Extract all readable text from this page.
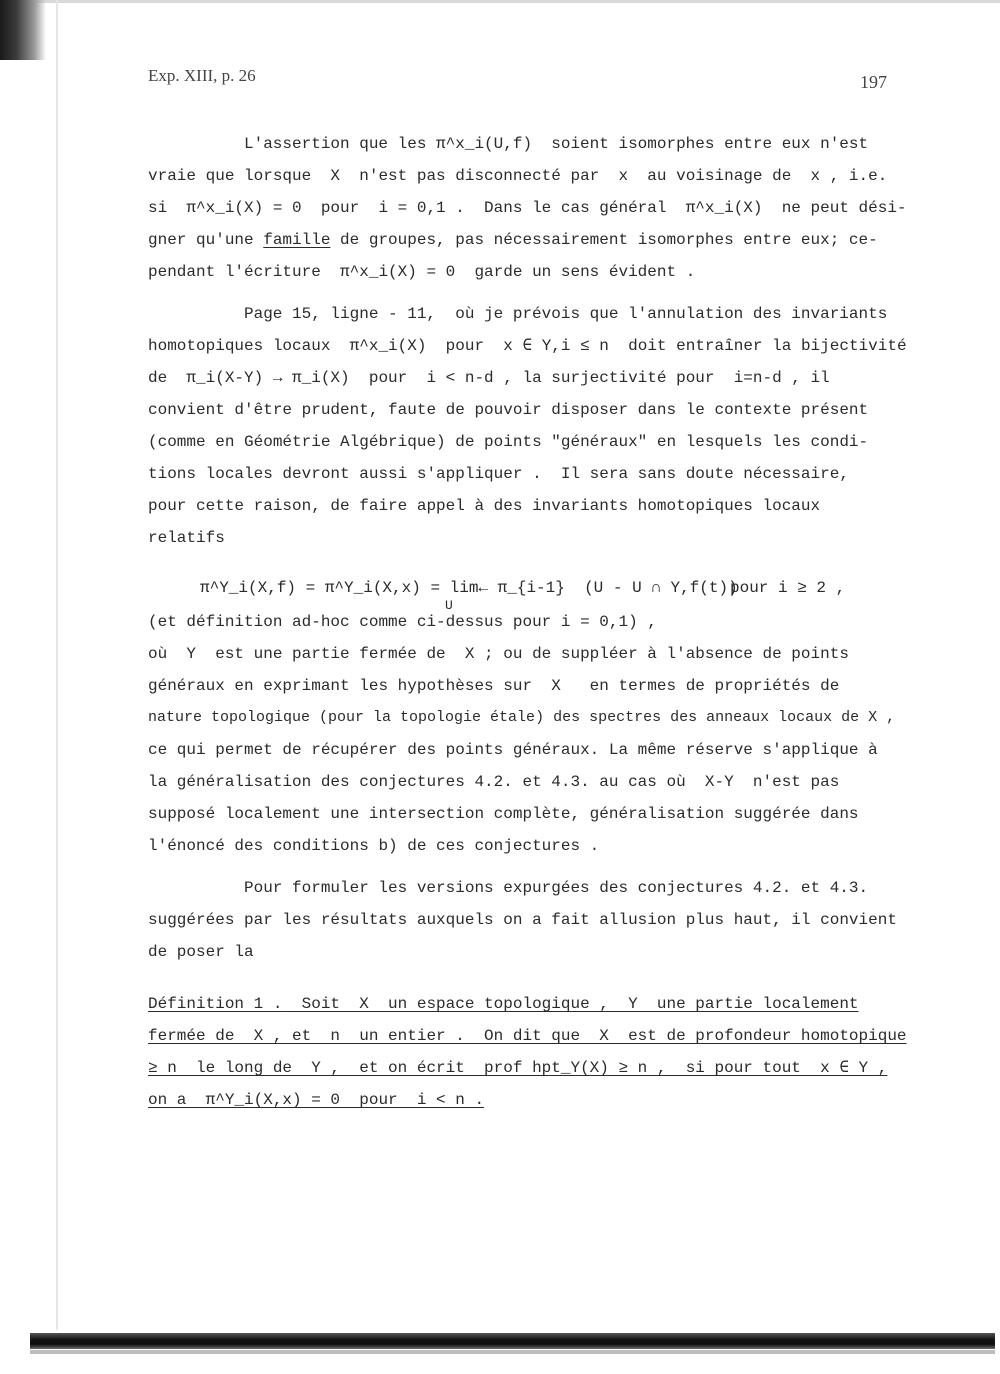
Exp. XIII, p. 26	197
L'assertion que les π^x_i(U,f)  soient isomorphes entre eux n'est
vraie que lorsque  X  n'est pas disconnecté par  x  au voisinage de  x , i.e.
si  π^x_i(X) = 0  pour  i = 0,1 .  Dans le cas général  π^x_i(X)  ne peut dési-
gner qu'une famille de groupes, pas nécessairement isomorphes entre eux; ce-
pendant l'écriture  π^x_i(X) = 0  garde un sens évident .
Page 15, ligne - 11,  où je prévois que l'annulation des invariants
homotopiques locaux  π^x_i(X)  pour  x ∈ Y,i ≤ n  doit entraîner la bijectivité
de  π_i(X-Y) → π_i(X)  pour  i < n-d , la surjectivité pour  i=n-d , il
convient d'être prudent, faute de pouvoir disposer dans le contexte présent
(comme en Géométrie Algébrique) de points "généraux" en lesquels les condi-
tions locales devront aussi s'appliquer .  Il sera sans doute nécessaire,
pour cette raison, de faire appel à des invariants homotopiques locaux
relatifs
π^Y_i(X,f) = π^Y_i(X,x) = lim← π_{i-1}  (U - U ∩ Y,f(t))
U
pour i ≥ 2 ,
(et définition ad-hoc comme ci-dessus pour i = 0,1) ,
où  Y  est une partie fermée de  X ; ou de suppléer à l'absence de points
généraux en exprimant les hypothèses sur  X   en termes de propriétés de
nature topologique (pour la topologie étale) des spectres des anneaux locaux de X ,
ce qui permet de récupérer des points généraux. La même réserve s'applique à
la généralisation des conjectures 4.2. et 4.3. au cas où  X-Y  n'est pas
supposé localement une intersection complète, généralisation suggérée dans
l'énoncé des conditions b) de ces conjectures .
Pour formuler les versions expurgées des conjectures 4.2. et 4.3.
suggérées par les résultats auxquels on a fait allusion plus haut, il convient
de poser la
Définition 1 .  Soit  X  un espace topologique ,  Y  une partie localement
fermée de  X , et  n  un entier .  On dit que  X  est de profondeur homotopique
≥ n  le long de  Y ,  et on écrit  prof hpt_Y(X) ≥ n ,  si pour tout  x ∈ Y ,
on a  π^Y_i(X,x) = 0  pour  i < n .
